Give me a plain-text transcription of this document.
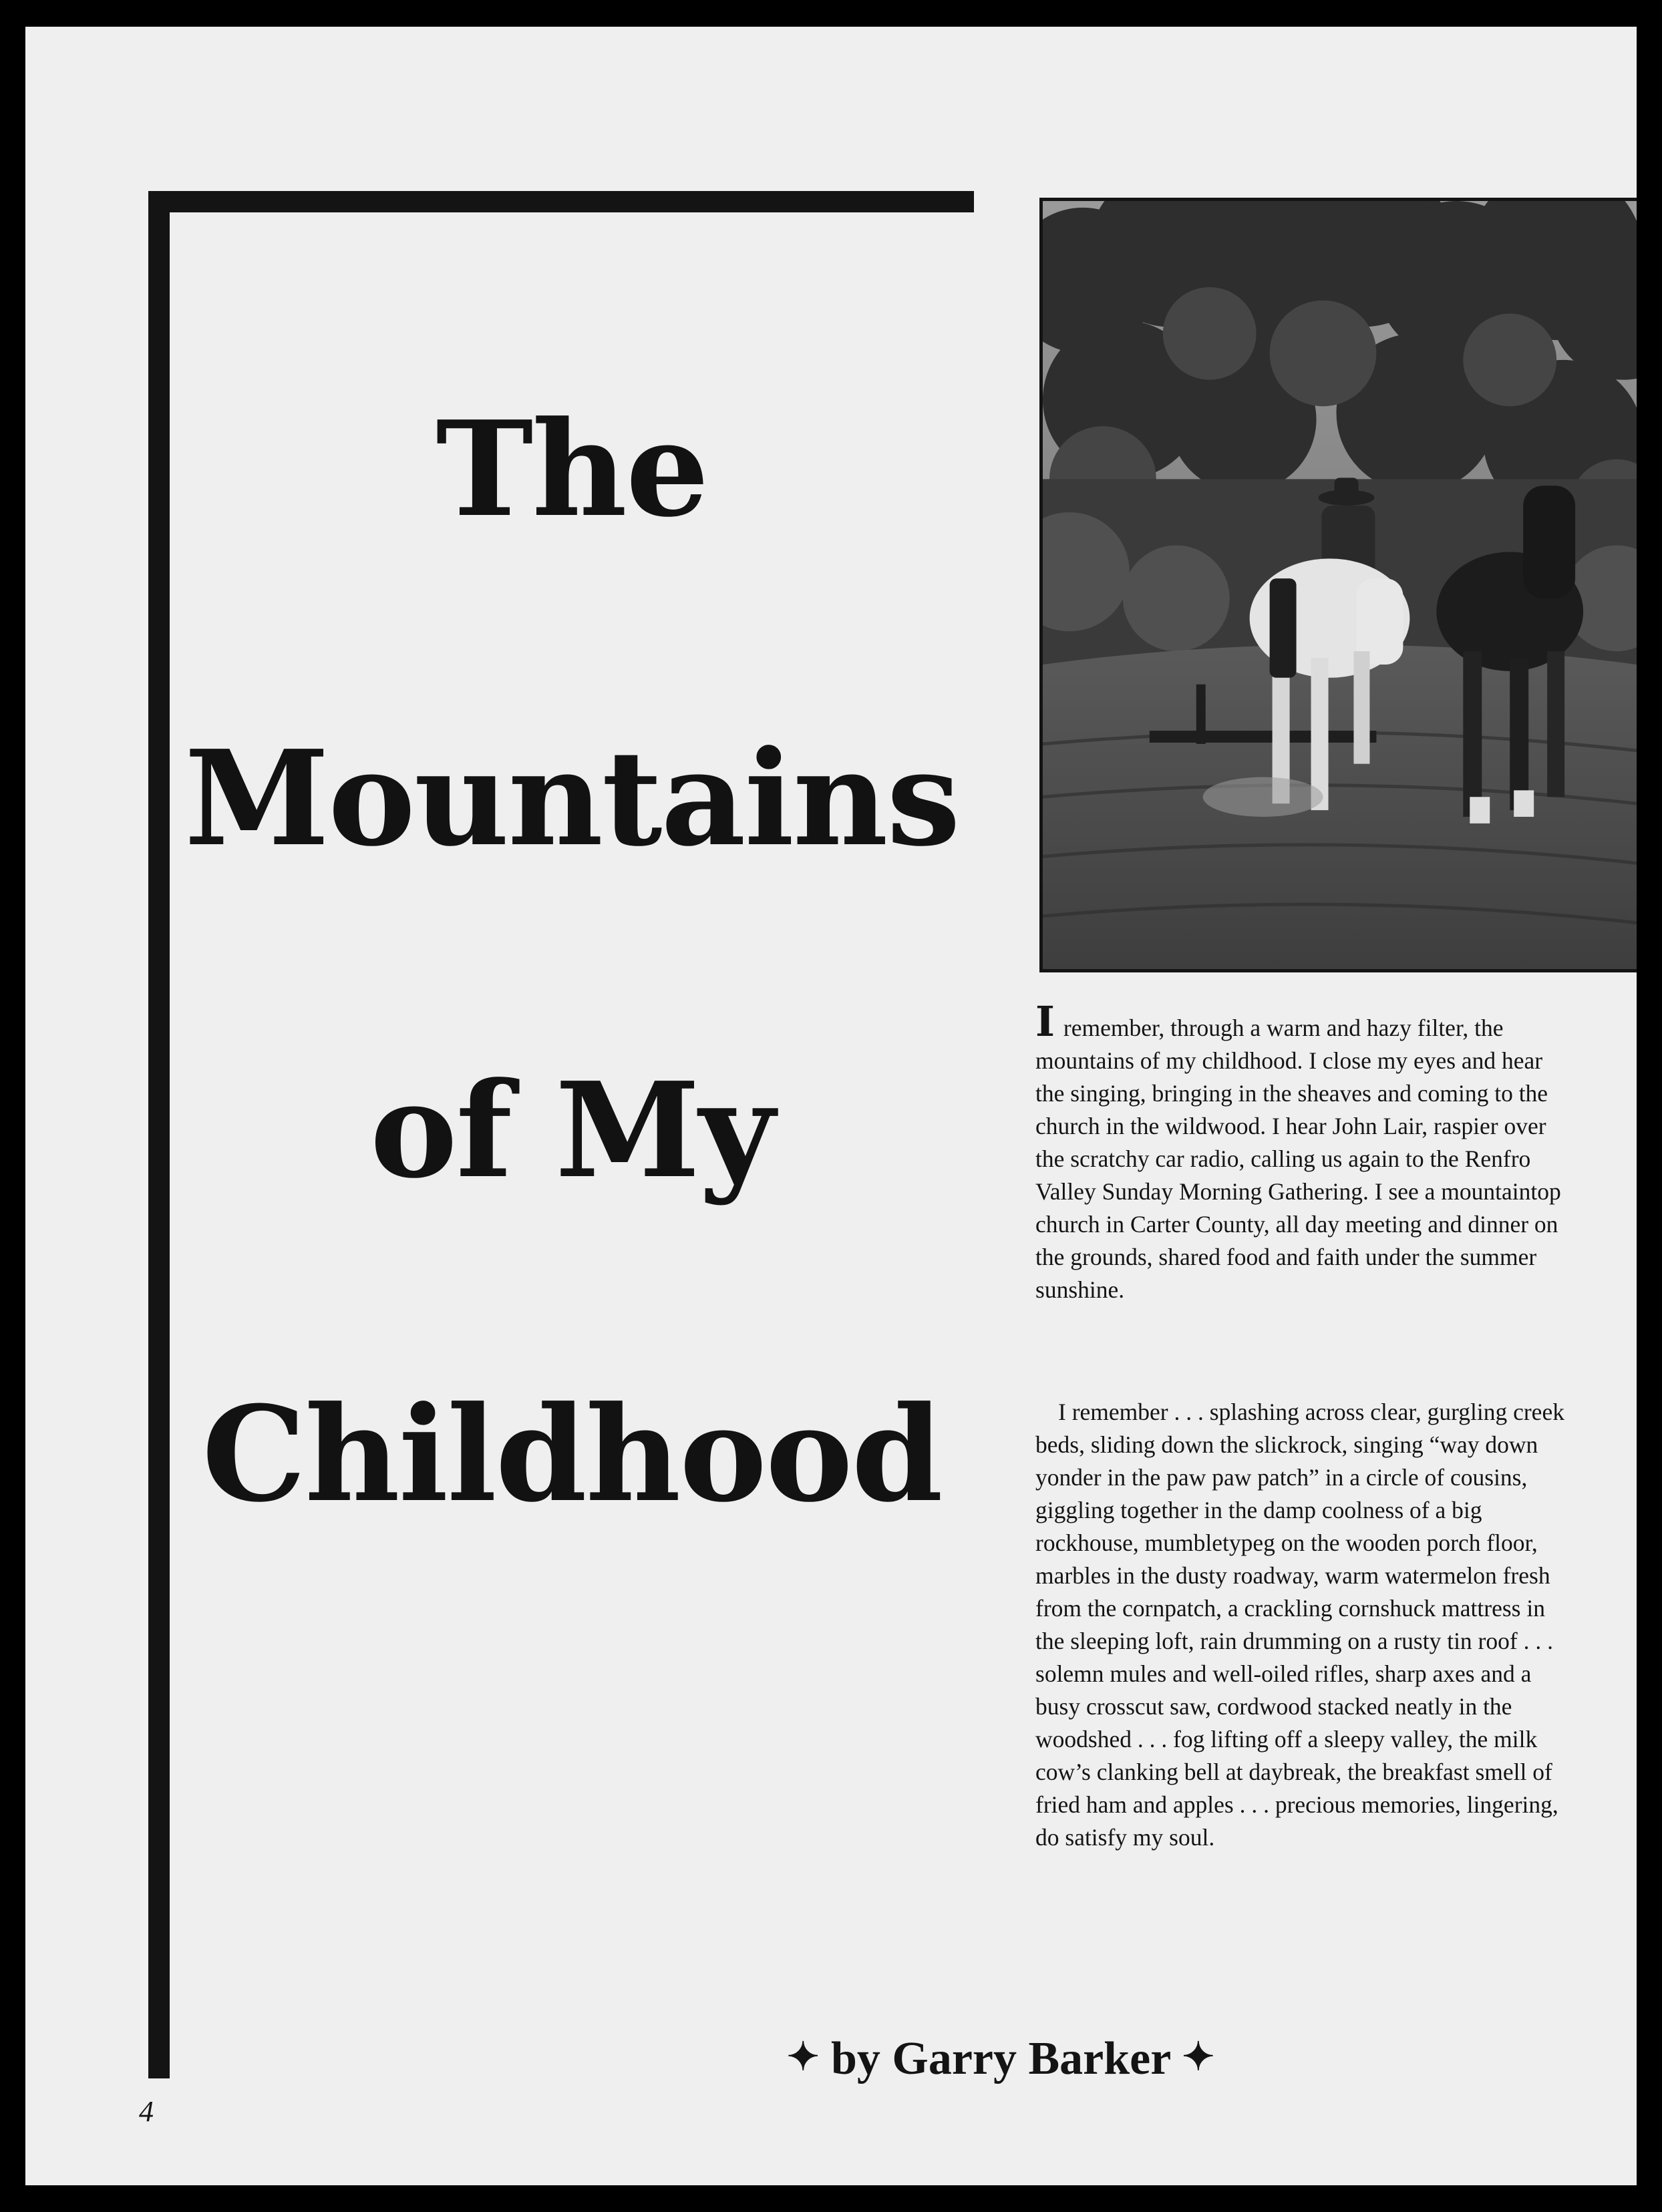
The
Mountains
of My
Childhood

I remember, through a warm and hazy filter, the mountains of my childhood. I close my eyes and hear the singing, bringing in the sheaves and coming to the church in the wildwood. I hear John Lair, raspier over the scratchy car radio, calling us again to the Renfro Valley Sunday Morning Gathering. I see a mountaintop church in Carter County, all day meeting and dinner on the grounds, shared food and faith under the summer sunshine.

I remember . . . splashing across clear, gurgling creek beds, sliding down the slickrock, singing “way down yonder in the paw paw patch” in a circle of cousins, giggling together in the damp coolness of a big rockhouse, mumbletypeg on the wooden porch floor, marbles in the dusty roadway, warm watermelon fresh from the cornpatch, a crackling cornshuck mattress in the sleeping loft, rain drumming on a rusty tin roof . . . solemn mules and well-oiled rifles, sharp axes and a busy crosscut saw, cordwood stacked neatly in the woodshed . . . fog lifting off a sleepy valley, the milk cow’s clanking bell at daybreak, the breakfast smell of fried ham and apples . . . precious memories, lingering, do satisfy my soul.

✦ by Garry Barker ✦
4
